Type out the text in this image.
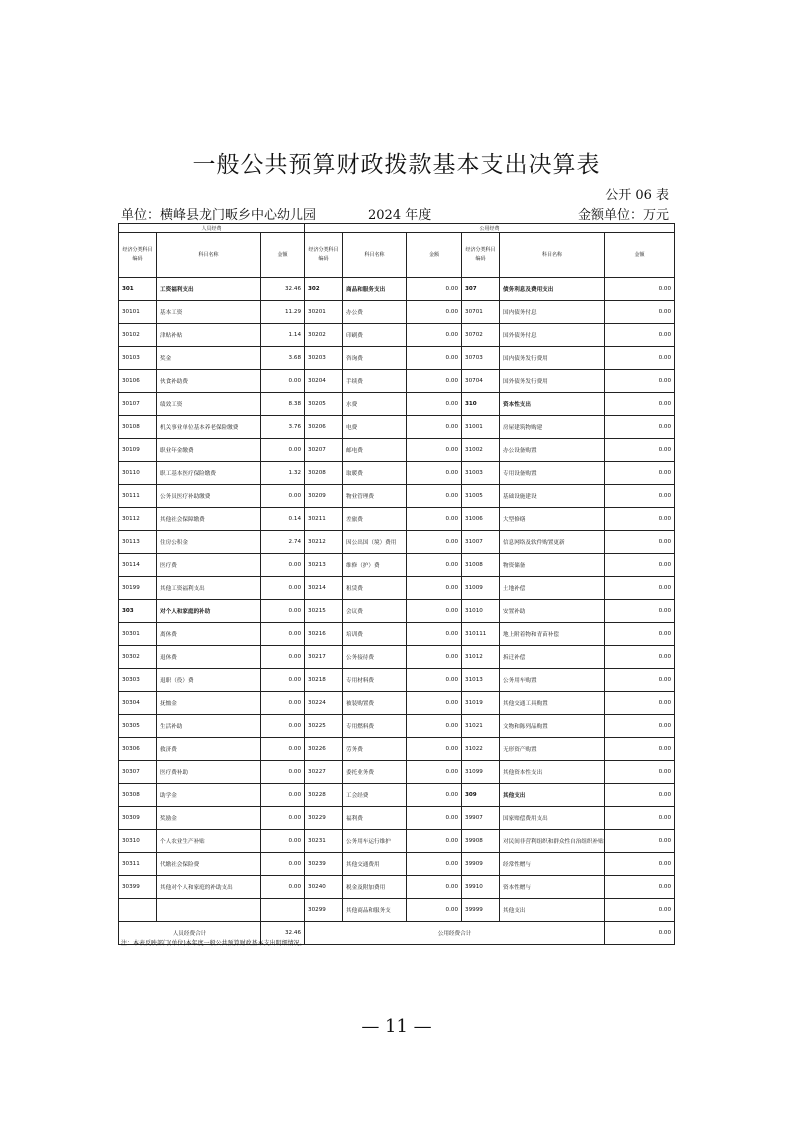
一般公共预算财政拨款基本支出决算表
公开 06 表
单位：横峰县龙门畈乡中心幼儿园	2024 年度	金额单位：万元
人员经费			公用经费					
经济分类科目编码	科目名称	金额	经济分类科目编码	科目名称	金额	经济分类科目编码	科目名称	金额
301	工资福利支出	32.46	302	商品和服务支出	0.00	307	债务利息及费用支出	0.00
30101	基本工资	11.29	30201	办公费	0.00	30701	国内债务付息	0.00
30102	津贴补贴	1.14	30202	印刷费	0.00	30702	国外债务付息	0.00
30103	奖金	3.68	30203	咨询费	0.00	30703	国内债务发行费用	0.00
30106	伙食补助费	0.00	30204	手续费	0.00	30704	国外债务发行费用	0.00
30107	绩效工资	8.38	30205	水费	0.00	310	资本性支出	0.00
30108	机关事业单位基本养老保险缴费	3.76	30206	电费	0.00	31001	房屋建筑物购建	0.00
30109	职业年金缴费	0.00	30207	邮电费	0.00	31002	办公设备购置	0.00
30110	职工基本医疗保险缴费	1.32	30208	取暖费	0.00	31003	专用设备购置	0.00
30111	公务员医疗补助缴费	0.00	30209	物业管理费	0.00	31005	基础设施建设	0.00
30112	其他社会保障缴费	0.14	30211	差旅费	0.00	31006	大型修缮	0.00
30113	住房公积金	2.74	30212	因公出国（境）费用	0.00	31007	信息网络及软件购置更新	0.00
30114	医疗费	0.00	30213	维修（护）费	0.00	31008	物资储备	0.00
30199	其他工资福利支出	0.00	30214	租赁费	0.00	31009	土地补偿	0.00
303	对个人和家庭的补助	0.00	30215	会议费	0.00	31010	安置补助	0.00
30301	离休费	0.00	30216	培训费	0.00	310111	地上附着物和青苗补偿	0.00
30302	退休费	0.00	30217	公务接待费	0.00	31012	拆迁补偿	0.00
30303	退职（役）费	0.00	30218	专用材料费	0.00	31013	公务用车购置	0.00
30304	抚恤金	0.00	30224	被装购置费	0.00	31019	其他交通工具购置	0.00
30305	生活补助	0.00	30225	专用燃料费	0.00	31021	文物和陈列品购置	0.00
30306	救济费	0.00	30226	劳务费	0.00	31022	无形资产购置	0.00
30307	医疗费补助	0.00	30227	委托业务费	0.00	31099	其他资本性支出	0.00
30308	助学金	0.00	30228	工会经费	0.00	309	其他支出	0.00
30309	奖励金	0.00	30229	福利费	0.00	39907	国家赔偿费用支出	0.00
30310	个人农业生产补贴	0.00	30231	公务用车运行维护	0.00	39908	对民间非营利组织和群众性自治组织补贴	0.00
30311	代缴社会保险费	0.00	30239	其他交通费用	0.00	39909	经常性赠与	0.00
30399	其他对个人和家庭的补助支出	0.00	30240	税金及附加费用	0.00	39910	资本性赠与	0.00
			30299	其他商品和服务支	0.00	39999	其他支出	0.00
人员经费合计		32.46	公用经费合计					0.00
注：本表反映部门(单位)本年度一般公共预算财政基本支出明细情况。
— 11 —
